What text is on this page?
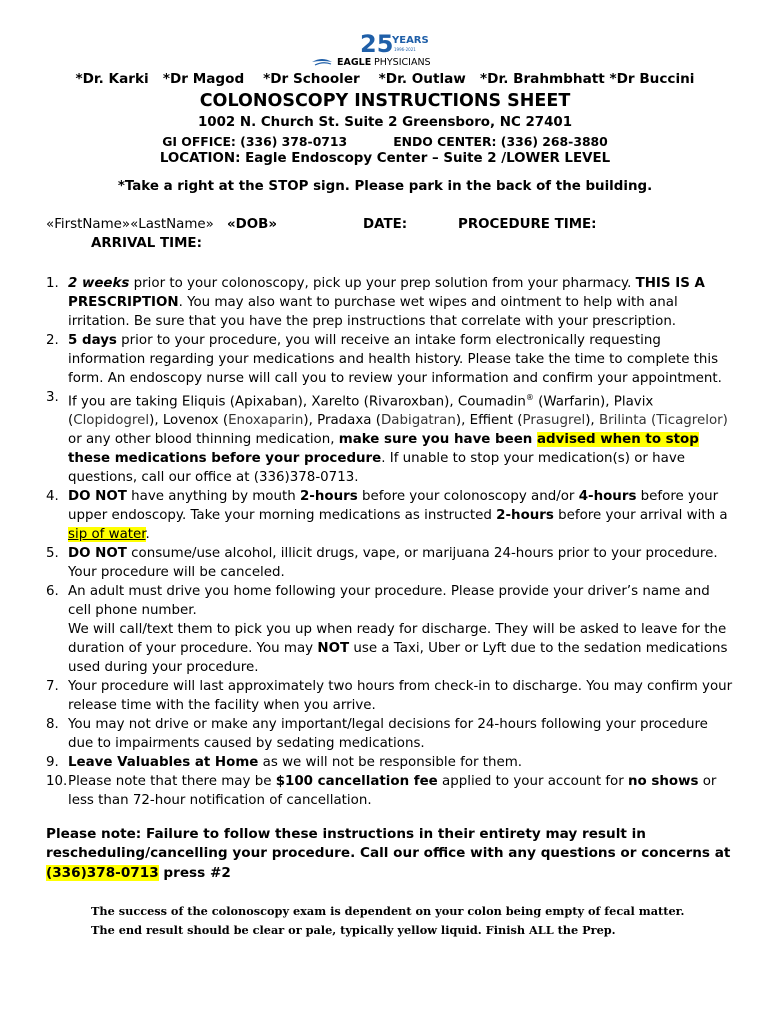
25
YEARS
1996-2021
EAGLE PHYSICIANS
*Dr. Karki   *Dr Magod    *Dr Schooler    *Dr. Outlaw   *Dr. Brahmbhatt *Dr Buccini
COLONOSCOPY INSTRUCTIONS SHEET
1002 N. Church St. Suite 2 Greensboro, NC 27401
GI OFFICE: (336) 378-0713	ENDO CENTER: (336) 268-3880
LOCATION: Eagle Endoscopy Center – Suite 2 /LOWER LEVEL
*Take a right at the STOP sign. Please park in the back of the building.
«FirstName»«LastName» «DOB»	DATE:	PROCEDURE TIME:
ARRIVAL TIME:
1. 2 weeks prior to your colonoscopy, pick up your prep solution from your pharmacy. THIS IS A PRESCRIPTION. You may also want to purchase wet wipes and ointment to help with anal irritation. Be sure that you have the prep instructions that correlate with your prescription.
2. 5 days prior to your procedure, you will receive an intake form electronically requesting information regarding your medications and health history. Please take the time to complete this form. An endoscopy nurse will call you to review your information and confirm your appointment.
3. If you are taking Eliquis (Apixaban), Xarelto (Rivaroxban), Coumadin® (Warfarin), Plavix (Clopidogrel), Lovenox (Enoxaparin), Pradaxa (Dabigatran), Effient (Prasugrel), Brilinta (Ticagrelor) or any other blood thinning medication, make sure you have been advised when to stop these medications before your procedure. If unable to stop your medication(s) or have questions, call our office at (336)378-0713.
4. DO NOT have anything by mouth 2-hours before your colonoscopy and/or 4-hours before your upper endoscopy. Take your morning medications as instructed 2-hours before your arrival with a sip of water.
5. DO NOT consume/use alcohol, illicit drugs, vape, or marijuana 24-hours prior to your procedure. Your procedure will be canceled.
6. An adult must drive you home following your procedure. Please provide your driver’s name and cell phone number.
We will call/text them to pick you up when ready for discharge. They will be asked to leave for the duration of your procedure. You may NOT use a Taxi, Uber or Lyft due to the sedation medications used during your procedure.
7. Your procedure will last approximately two hours from check-in to discharge. You may confirm your release time with the facility when you arrive.
8. You may not drive or make any important/legal decisions for 24-hours following your procedure due to impairments caused by sedating medications.
9. Leave Valuables at Home as we will not be responsible for them.
10. Please note that there may be $100 cancellation fee applied to your account for no shows or less than 72-hour notification of cancellation.
Please note: Failure to follow these instructions in their entirety may result in rescheduling/cancelling your procedure. Call our office with any questions or concerns at (336)378-0713 press #2
The success of the colonoscopy exam is dependent on your colon being empty of fecal matter. The end result should be clear or pale, typically yellow liquid. Finish ALL the Prep.
